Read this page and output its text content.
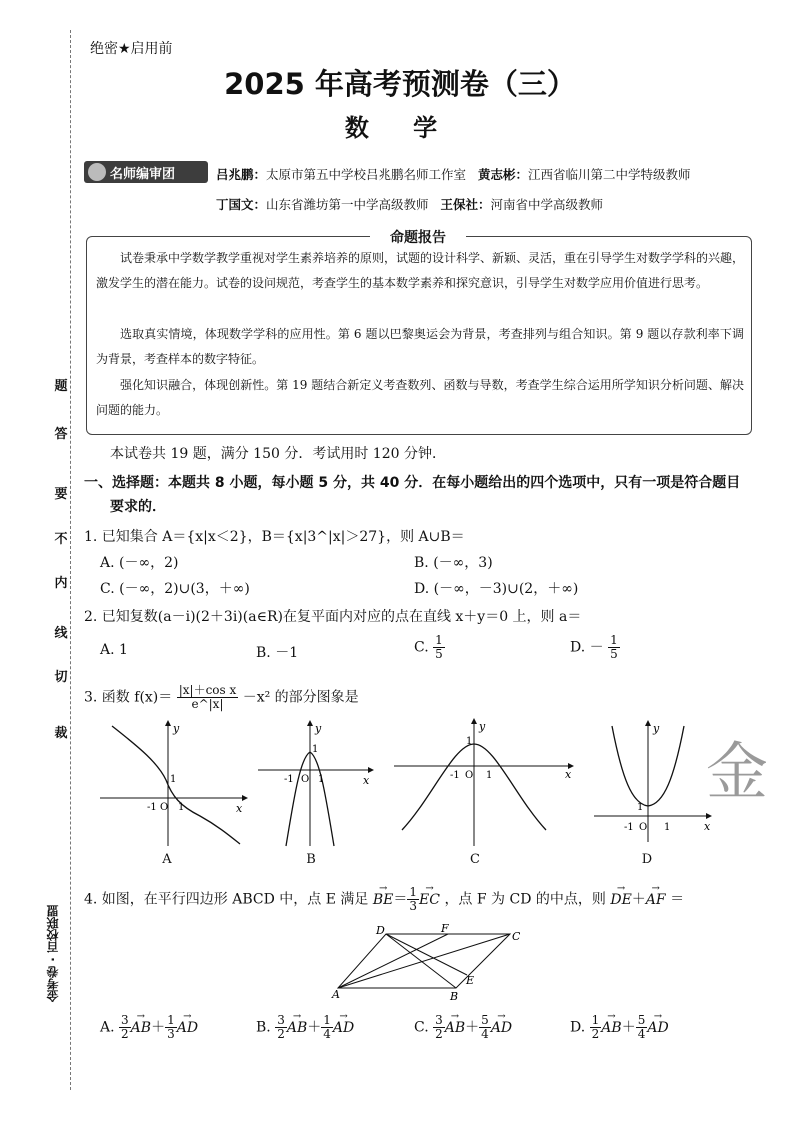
题
答
要
不
内
线
切
裁
金考卷 · 百校联盟
绝密★启用前
2025 年高考预测卷（三）
数 学
名师编审团	吕兆鹏：太原市第五中学校吕兆鹏名师工作室 黄志彬：江西省临川第二中学特级教师
丁国文：山东省潍坊第一中学高级教师 王保社：河南省中学高级教师
命题报告
试卷秉承中学数学教学重视对学生素养培养的原则，试题的设计科学、新颖、灵活，重在引导学生对数学学科的兴趣，激发学生的潜在能力。试卷的设问规范，考查学生的基本数学素养和探究意识，引导学生对数学应用价值进行思考。
选取真实情境，体现数学学科的应用性。第 6 题以巴黎奥运会为背景，考查排列与组合知识。第 9 题以存款利率下调为背景，考查样本的数字特征。
强化知识融合，体现创新性。第 19 题结合新定义考查数列、函数与导数，考查学生综合运用所学知识分析问题、解决问题的能力。
本试卷共 19 题，满分 150 分．考试用时 120 分钟．
一、选择题：本题共 8 小题，每小题 5 分，共 40 分．在每小题给出的四个选项中，只有一项是符合题目
要求的．
1. 已知集合 A＝{x|x＜2}，B＝{x|3^|x|＞27}，则 A∪B＝
A. (－∞，2)	B. (－∞，3)
C. (－∞，2)∪(3，＋∞)	D. (－∞，－3)∪(2，＋∞)
2. 已知复数(a－i)(2＋3i)(a∈R)在复平面内对应的点在直线 x＋y＝0 上，则 a＝
A. 1	B. －1	C. $\frac{1}{5}$	D. － $\frac{1}{5}$
3. 函数 $f(x)= \frac{\text{|x|＋cos x}}{e\^{}|x|} -x^2$ 的部分图象是
y
x
-1 O 1
1
y
x
-1 O 1
1
y
x
-1 O 1
1
y
x
-1 O 1
1 金
A	B	C	D
4. 如图，在平行四边形 ABCD 中，点 E 满足 → $BE= \frac{1}{3}$
→ EC ，点 F 为 CD 的中点，则 → DE＋→ AF ＝
D	F
C
E
A	B
A. $\frac{3}{2}$
→ $AB+ \frac{1}{3}$
→ AD	B. $\frac{3}{2}$
→ $AB+ \frac{1}{4}$
→ AD	C. $\frac{3}{2}$
→ $AB+ \frac{5}{4}$
→ AD	D. $\frac{1}{2}$
→ $AB+ \frac{5}{4}$
→ AD
